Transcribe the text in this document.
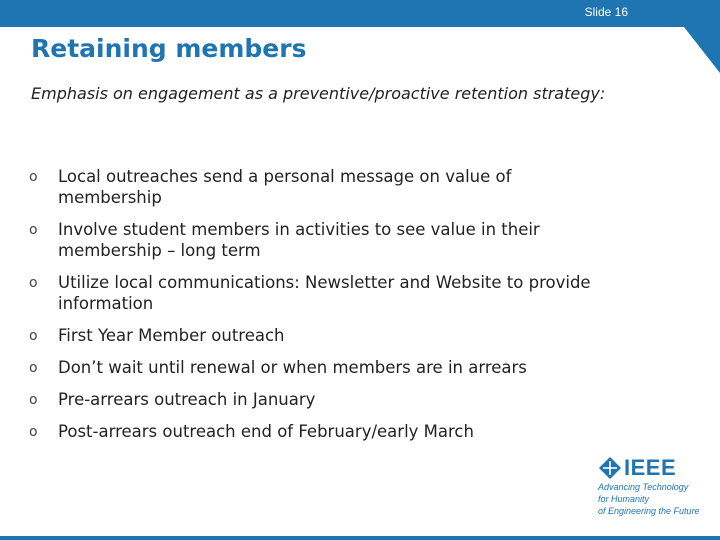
Slide 16
Retaining members
Emphasis on engagement as a preventive/proactive retention strategy:
o Local outreaches send a personal message on value of membership
o Involve student members in activities to see value in their membership – long term
o Utilize local communications: Newsletter and Website to provide information
o First Year Member outreach
o Don’t wait until renewal or when members are in arrears
o Pre-arrears outreach in January
o Post-arrears outreach end of February/early March
IEEE
Advancing Technology
for Humanity
of Engineering the Future
